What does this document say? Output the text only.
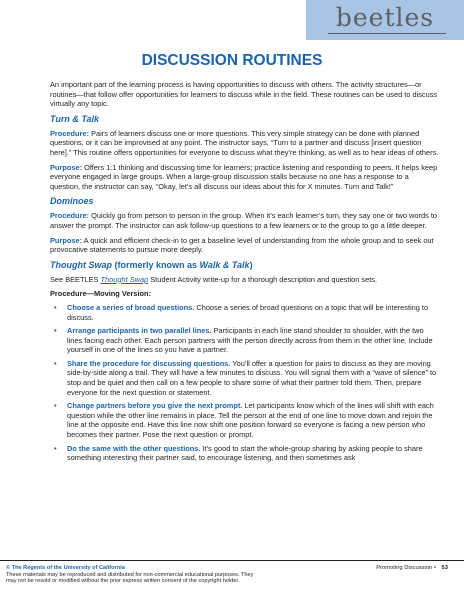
beetles
DISCUSSION ROUTINES

An important part of the learning process is having opportunities to discuss with others. The activity structures—or routines—that follow offer opportunities for learners to discuss while in the field. These routines can be used to discuss virtually any topic.

Turn & Talk

Procedure: Pairs of learners discuss one or more questions. This very simple strategy can be done with planned questions, or it can be improvised at any point. The instructor says, “Turn to a partner and discuss [insert question here].” This routine offers opportunities for everyone to discuss what they’re thinking, as well as to hear ideas of others.

Purpose: Offers 1:1 thinking and discussing time for learners; practice listening and responding to peers. It helps keep everyone engaged in large groups. When a large-group discussion stalls because no one has a response to a question, the instructor can say, “Okay, let’s all discuss our ideas about this for X minutes. Turn and Talk!”

Dominoes

Procedure: Quickly go from person to person in the group. When it’s each learner’s turn, they say one or two words to answer the prompt. The instructor can ask follow-up questions to a few learners or to the group to go a little deeper.

Purpose: A quick and efficient check-in to get a baseline level of understanding from the whole group and to seek out provocative statements to pursue more deeply.

Thought Swap (formerly known as Walk & Talk)

See BEETLES Thought Swap Student Activity write-up for a thorough description and question sets.

Procedure—Moving Version:

• Choose a series of broad questions. Choose a series of broad questions on a topic that will be interesting to discuss.
• Arrange participants in two parallel lines. Participants in each line stand shoulder to shoulder, with the two lines facing each other. Each person partners with the person directly across from them in the other line. Include yourself in one of the lines so you have a partner.
• Share the procedure for discussing questions. You’ll offer a question for pairs to discuss as they are moving side-by-side along a trail. They will have a few minutes to discuss. You will signal them with a “wave of silence” to stop and be quiet and then call on a few people to share some of what their partner told them. Then, prepare everyone for the next question or statement.
• Change partners before you give the next prompt. Let participants know which of the lines will shift with each question while the other line remains in place. Tell the person at the end of one line to move down and rejoin the line at the opposite end. Have this line now shift one position forward so everyone is facing a new person who becomes their partner. Pose the next question or prompt.
• Do the same with the other questions. It’s good to start the whole-group sharing by asking people to share something interesting their partner said, to encourage listening, and then sometimes ask
© The Regents of the University of California
These materials may be reproduced and distributed for non-commercial educational purposes. They
may not be resold or modified without the prior express written consent of the copyright holder.
Promoting Discussion • 53
